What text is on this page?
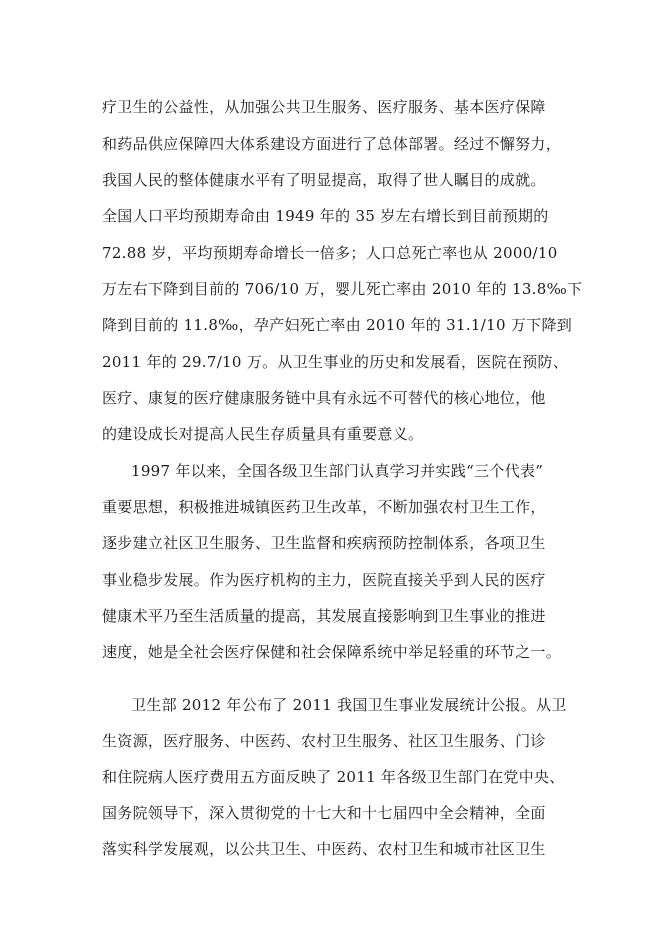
疗卫生的公益性，从加强公共卫生服务、医疗服务、基本医疗保障
和药品供应保障四大体系建设方面进行了总体部署。经过不懈努力，
我国人民的整体健康水平有了明显提高，取得了世人瞩目的成就。
全国人口平均预期寿命由 1949 年的 35 岁左右增长到目前预期的
72.88 岁，平均预期寿命增长一倍多；人口总死亡率也从 2000/10
万左右下降到目前的 706/10 万，婴儿死亡率由 2010 年的 13.8‰下
降到目前的 11.8‰，孕产妇死亡率由 2010 年的 31.1/10 万下降到
2011 年的 29.7/10 万。从卫生事业的历史和发展看，医院在预防、
医疗、康复的医疗健康服务链中具有永远不可替代的核心地位，他
的建设成长对提高人民生存质量具有重要意义。
1997 年以来，全国各级卫生部门认真学习并实践“三个代表”
重要思想，积极推进城镇医药卫生改革，不断加强农村卫生工作，
逐步建立社区卫生服务、卫生监督和疾病预防控制体系，各项卫生
事业稳步发展。作为医疗机构的主力，医院直接关乎到人民的医疗
健康术平乃至生活质量的提高，其发展直接影响到卫生事业的推进
速度，她是全社会医疗保健和社会保障系统中举足轻重的环节之一。
卫生部 2012 年公布了 2011 我国卫生事业发展统计公报。从卫
生资源，医疗服务、中医药、农村卫生服务、社区卫生服务、门诊
和住院病人医疗费用五方面反映了 2011 年各级卫生部门在党中央、
国务院领导下，深入贯彻党的十七大和十七届四中全会精神，全面
落实科学发展观，以公共卫生、中医药、农村卫生和城市社区卫生
